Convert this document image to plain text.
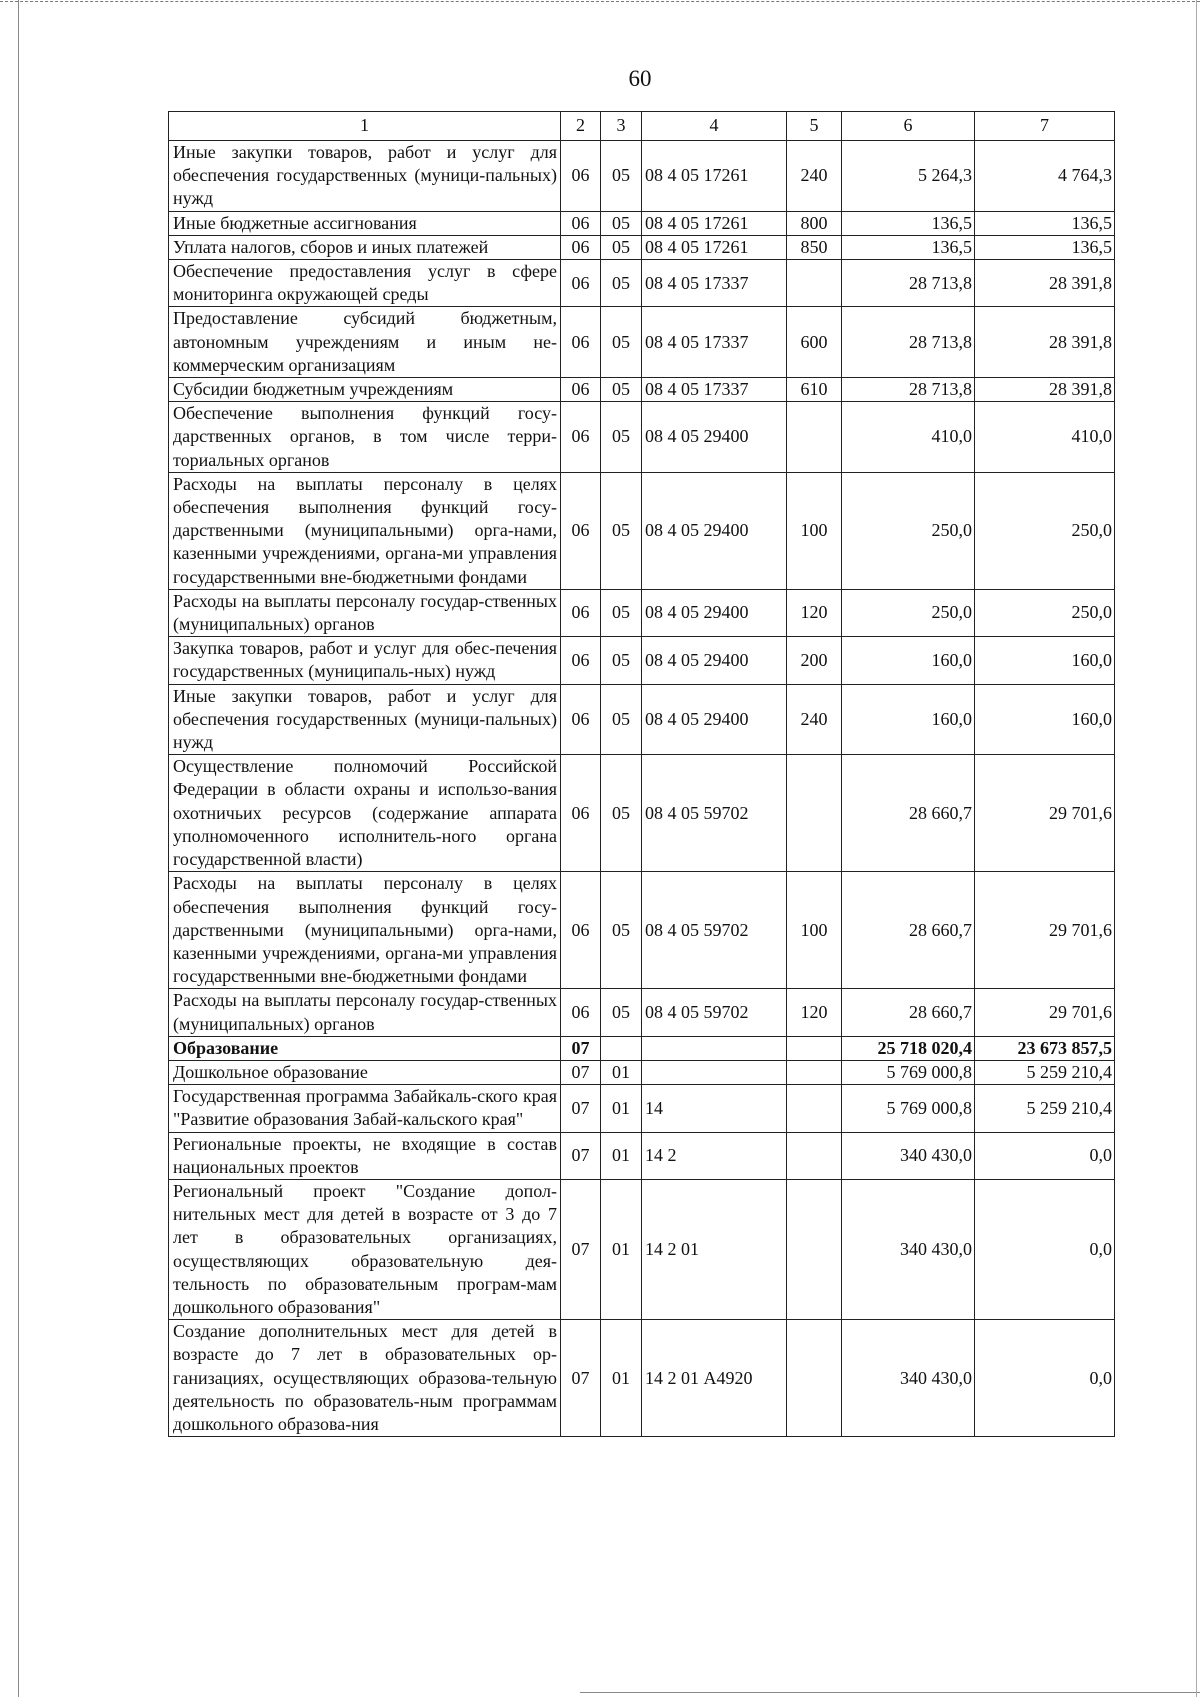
60
1	2	3	4	5	6	7
Иные закупки товаров, работ и услуг для обеспечения государственных (муници-пальных) нужд	06	05	08 4 05 17261	240	5 264,3	4 764,3
Иные бюджетные ассигнования	06	05	08 4 05 17261	800	136,5	136,5
Уплата налогов, сборов и иных платежей	06	05	08 4 05 17261	850	136,5	136,5
Обеспечение предоставления услуг в сфере мониторинга окружающей среды	06	05	08 4 05 17337		28 713,8	28 391,8
Предоставление субсидий бюджетным, автономным учреждениям и иным не-коммерческим организациям	06	05	08 4 05 17337	600	28 713,8	28 391,8
Субсидии бюджетным учреждениям	06	05	08 4 05 17337	610	28 713,8	28 391,8
Обеспечение выполнения функций госу-дарственных органов, в том числе терри-ториальных органов	06	05	08 4 05 29400		410,0	410,0
Расходы на выплаты персоналу в целях обеспечения выполнения функций госу-дарственными (муниципальными) орга-нами, казенными учреждениями, органа-ми управления государственными вне-бюджетными фондами	06	05	08 4 05 29400	100	250,0	250,0
Расходы на выплаты персоналу государ-ственных (муниципальных) органов	06	05	08 4 05 29400	120	250,0	250,0
Закупка товаров, работ и услуг для обес-печения государственных (муниципаль-ных) нужд	06	05	08 4 05 29400	200	160,0	160,0
Иные закупки товаров, работ и услуг для обеспечения государственных (муници-пальных) нужд	06	05	08 4 05 29400	240	160,0	160,0
Осуществление полномочий Российской Федерации в области охраны и использо-вания охотничьих ресурсов (содержание аппарата уполномоченного исполнитель-ного органа государственной власти)	06	05	08 4 05 59702		28 660,7	29 701,6
Расходы на выплаты персоналу в целях обеспечения выполнения функций госу-дарственными (муниципальными) орга-нами, казенными учреждениями, органа-ми управления государственными вне-бюджетными фондами	06	05	08 4 05 59702	100	28 660,7	29 701,6
Расходы на выплаты персоналу государ-ственных (муниципальных) органов	06	05	08 4 05 59702	120	28 660,7	29 701,6
Образование	07				25 718 020,4	23 673 857,5
Дошкольное образование	07	01			5 769 000,8	5 259 210,4
Государственная программа Забайкаль-ского края "Развитие образования Забай-кальского края"	07	01	14		5 769 000,8	5 259 210,4
Региональные проекты, не входящие в состав национальных проектов	07	01	14 2		340 430,0	0,0
Региональный проект "Создание допол-нительных мест для детей в возрасте от 3 до 7 лет в образовательных организациях, осуществляющих образовательную дея-тельность по образовательным програм-мам дошкольного образования"	07	01	14 2 01		340 430,0	0,0
Создание дополнительных мест для детей в возрасте до 7 лет в образовательных ор-ганизациях, осуществляющих образова-тельную деятельность по образователь-ным программам дошкольного образова-ния	07	01	14 2 01 А4920		340 430,0	0,0
